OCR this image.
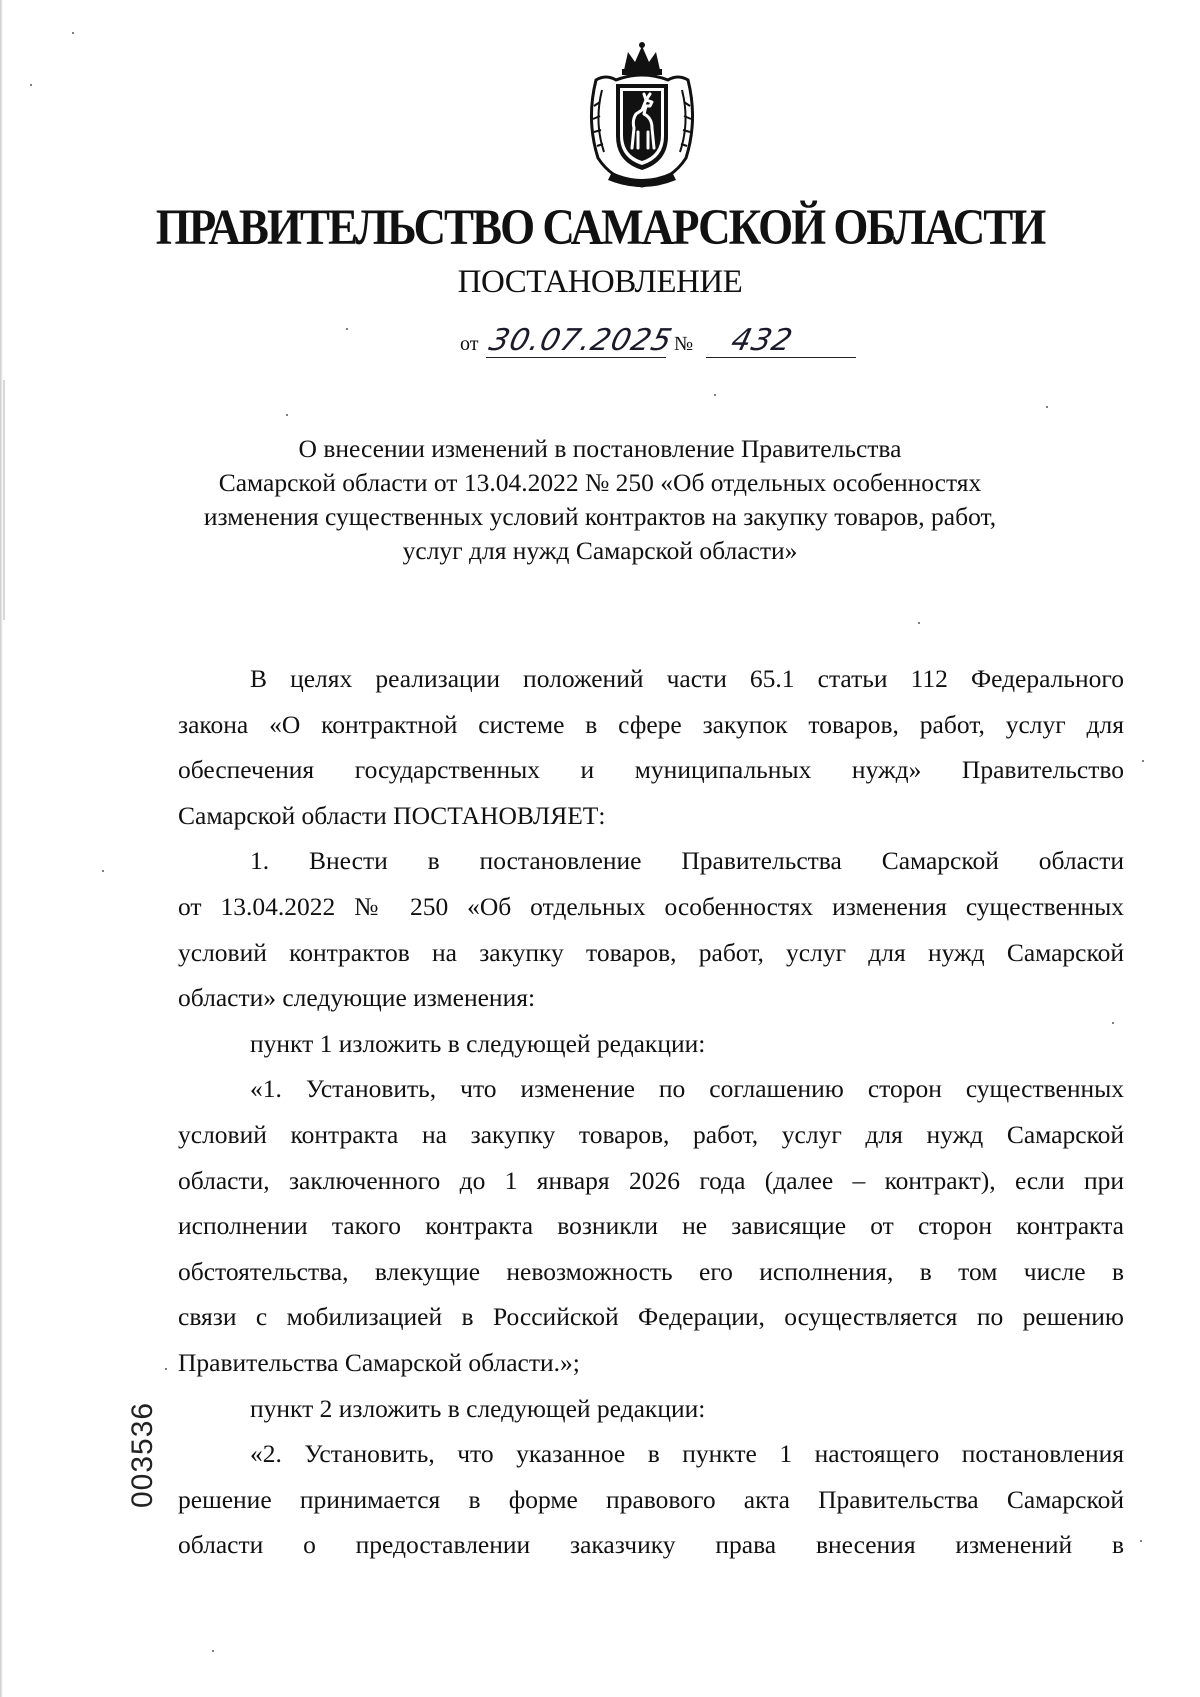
ПРАВИТЕЛЬСТВО САМАРСКОЙ ОБЛАСТИ
ПОСТАНОВЛЕНИЕ
от 30.07.2025
№ 432
О внесении изменений в постановление Правительства
Самарской области от 13.04.2022 № 250 «Об отдельных особенностях
изменения существенных условий контрактов на закупку товаров, работ,
услуг для нужд Самарской области»
В целях реализации положений части 65.1 статьи 112 Федерального
закона «О контрактной системе в сфере закупок товаров, работ, услуг для
обеспечения государственных и муниципальных нужд» Правительство
Самарской области ПОСТАНОВЛЯЕТ:
1. Внести в постановление Правительства Самарской области
от 13.04.2022 № 250 «Об отдельных особенностях изменения существенных
условий контрактов на закупку товаров, работ, услуг для нужд Самарской
области» следующие изменения:
пункт 1 изложить в следующей редакции:
«1. Установить, что изменение по соглашению сторон существенных
условий контракта на закупку товаров, работ, услуг для нужд Самарской
области, заключенного до 1 января 2026 года (далее – контракт), если при
исполнении такого контракта возникли не зависящие от сторон контракта
обстоятельства, влекущие невозможность его исполнения, в том числе в
связи с мобилизацией в Российской Федерации, осуществляется по решению
Правительства Самарской области.»;
пункт 2 изложить в следующей редакции:
«2. Установить, что указанное в пункте 1 настоящего постановления
решение принимается в форме правового акта Правительства Самарской
области о предоставлении заказчику права внесения изменений в
003536
